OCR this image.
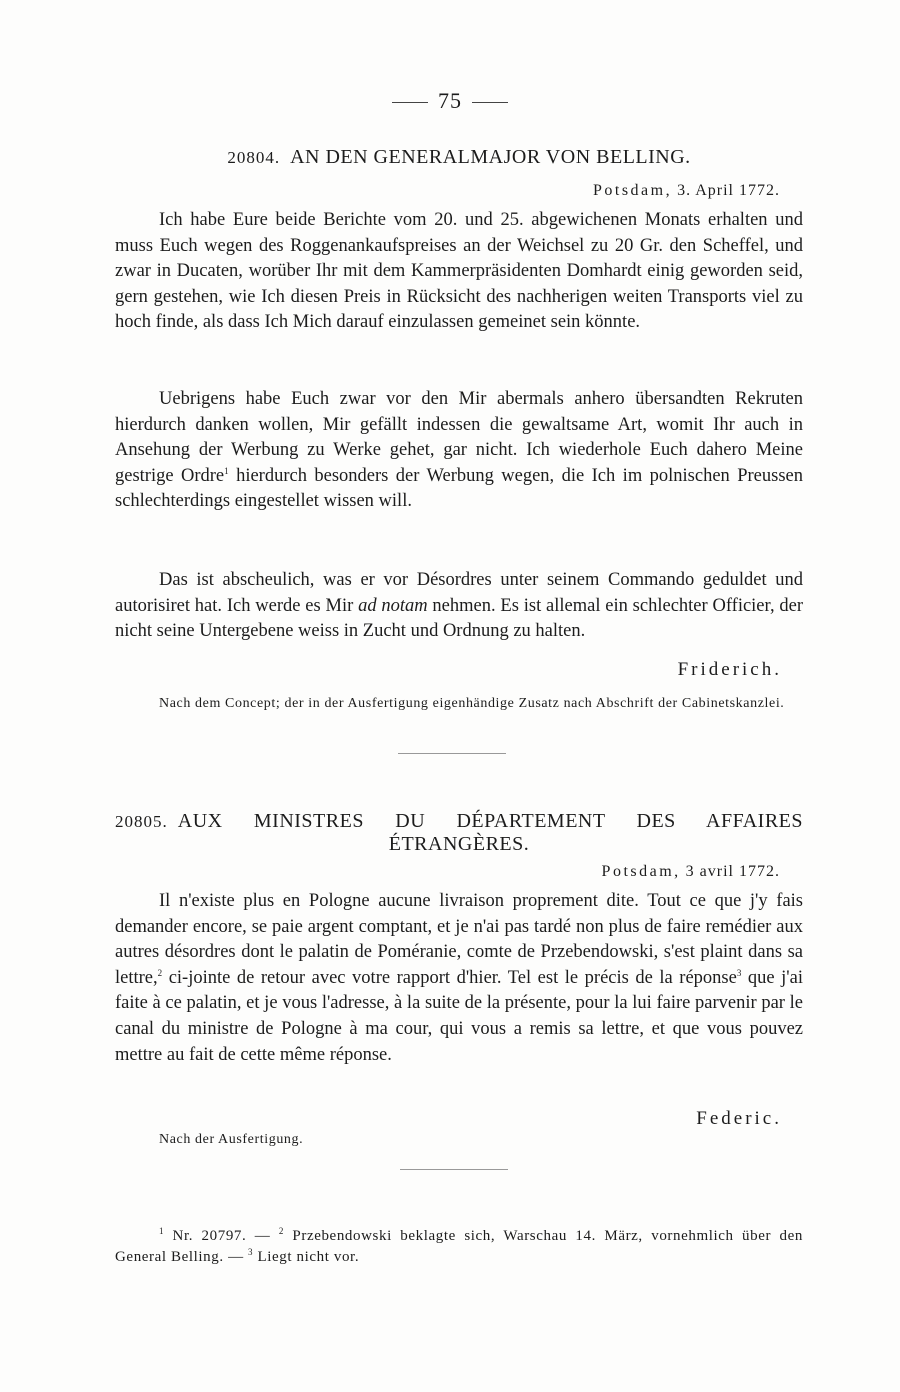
75
20804. AN DEN GENERALMAJOR VON BELLING.
Potsdam, 3. April 1772.

Ich habe Eure beide Berichte vom 20. und 25. abgewichenen Monats erhalten und muss Euch wegen des Roggenankaufspreises an der Weichsel zu 20 Gr. den Scheffel, und zwar in Ducaten, worüber Ihr mit dem Kammerpräsidenten Domhardt einig geworden seid, gern gestehen, wie Ich diesen Preis in Rücksicht des nachherigen weiten Transports viel zu hoch finde, als dass Ich Mich darauf einzulassen gemeinet sein könnte.

Uebrigens habe Euch zwar vor den Mir abermals anhero übersandten Rekruten hierdurch danken wollen, Mir gefällt indessen die gewaltsame Art, womit Ihr auch in Ansehung der Werbung zu Werke gehet, gar nicht. Ich wiederhole Euch dahero Meine gestrige Ordre$^1$ hierdurch besonders der Werbung wegen, die Ich im polnischen Preussen schlechterdings eingestellet wissen will.

Das ist abscheulich, was er vor Désordres unter seinem Commando geduldet und autorisiret hat. Ich werde es Mir ad notam nehmen. Es ist allemal ein schlechter Officier, der nicht seine Untergebene weiss in Zucht und Ordnung zu halten.

Friderich.

Nach dem Concept; der in der Ausfertigung eigenhändige Zusatz nach Abschrift der Cabinetskanzlei.

20805. AUX MINISTRES DU DÉPARTEMENT DES AFFAIRES
ÉTRANGÈRES.
Potsdam, 3 avril 1772.

Il n'existe plus en Pologne aucune livraison proprement dite. Tout ce que j'y fais demander encore, se paie argent comptant, et je n'ai pas tardé non plus de faire remédier aux autres désordres dont le palatin de Poméranie, comte de Przebendowski, s'est plaint dans sa lettre,$^2$ ci-jointe de retour avec votre rapport d'hier. Tel est le précis de la réponse$^3$ que j'ai faite à ce palatin, et je vous l'adresse, à la suite de la présente, pour la lui faire parvenir par le canal du ministre de Pologne à ma cour, qui vous a remis sa lettre, et que vous pouvez mettre au fait de cette même réponse.

Federic.

Nach der Ausfertigung.

$^1$ Nr. 20797. — $^2$ Przebendowski beklagte sich, Warschau 14. März, vornehmlich über den General Belling. — $^3$ Liegt nicht vor.
